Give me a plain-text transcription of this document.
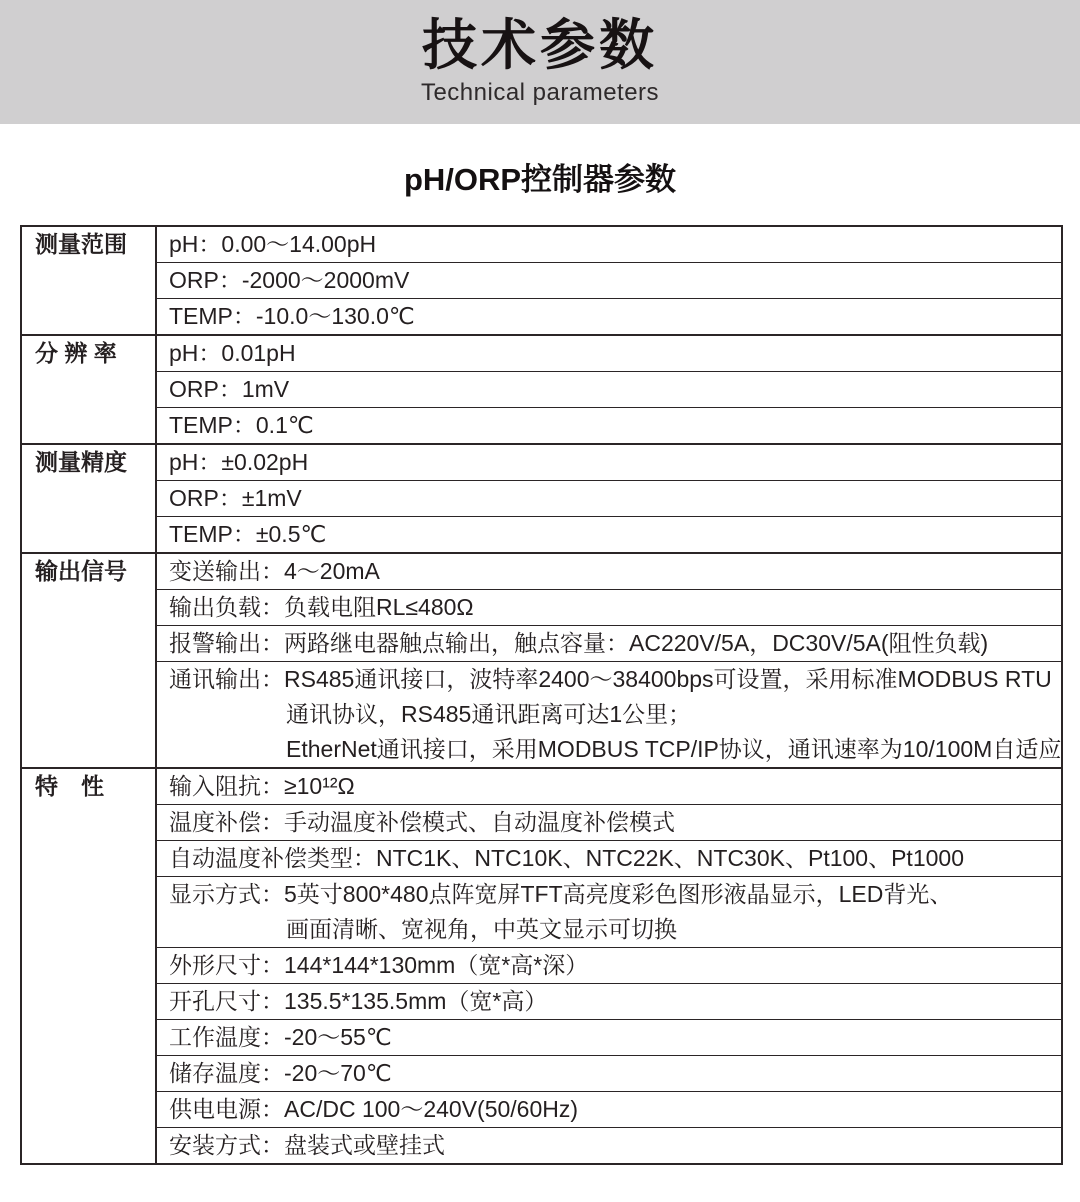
技术参数
Technical parameters
pH/ORP控制器参数
测量范围	pH：0.00～14.00pH
ORP：-2000～2000mV
TEMP：-10.0～130.0℃
分 辨 率	pH：0.01pH
ORP：1mV
TEMP：0.1℃
测量精度	pH：±0.02pH
ORP：±1mV
TEMP：±0.5℃
输出信号	变送输出：4～20mA
输出负载：负载电阻RL≤480Ω
报警输出：两路继电器触点输出，触点容量：AC220V/5A，DC30V/5A(阻性负载)
通讯输出：RS485通讯接口，波特率2400～38400bps可设置，采用标准MODBUS RTU
通讯协议，RS485通讯距离可达1公里；
EtherNet通讯接口，采用MODBUS TCP/IP协议，通讯速率为10/100M自适应
特　性	输入阻抗：≥10¹²Ω
温度补偿：手动温度补偿模式、自动温度补偿模式
自动温度补偿类型：NTC1K、NTC10K、NTC22K、NTC30K、Pt100、Pt1000
显示方式：5英寸800*480点阵宽屏TFT高亮度彩色图形液晶显示，LED背光、
画面清晰、宽视角，中英文显示可切换
外形尺寸：144*144*130mm（宽*高*深）
开孔尺寸：135.5*135.5mm（宽*高）
工作温度：-20～55℃
储存温度：-20～70℃
供电电源：AC/DC 100～240V(50/60Hz)
安装方式：盘装式或壁挂式
